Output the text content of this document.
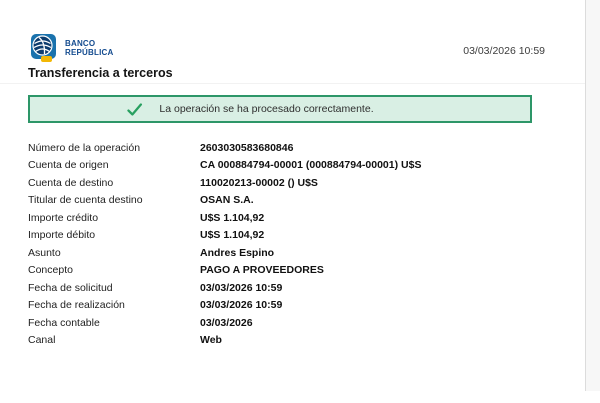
BANCO
REPÚBLICA	03/03/2026 10:59
Transferencia a terceros
La operación se ha procesado correctamente.
Número de la operación	2603030583680846
Cuenta de origen	CA 000884794-00001 (000884794-00001) U$S
Cuenta de destino	110020213-00002 () U$S
Titular de cuenta destino	OSAN S.A.
Importe crédito	U$S 1.104,92
Importe débito	U$S 1.104,92
Asunto	Andres Espino
Concepto	PAGO A PROVEEDORES
Fecha de solicitud	03/03/2026 10:59
Fecha de realización	03/03/2026 10:59
Fecha contable	03/03/2026
Canal	Web
